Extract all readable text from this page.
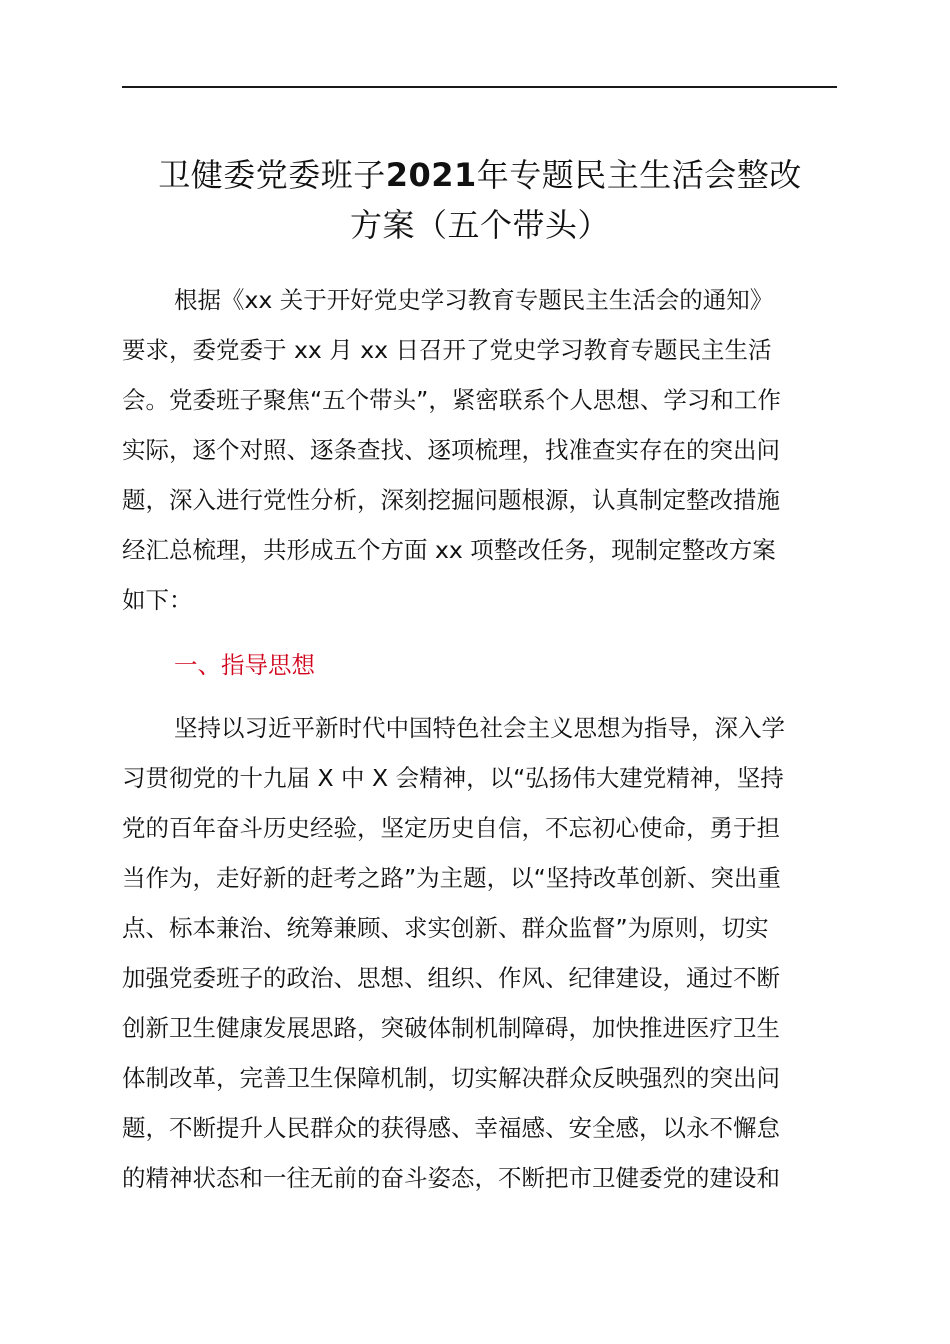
卫健委党委班子2021年专题民主生活会整改
方案（五个带头）

根据《xx 关于开好党史学习教育专题民主生活会的通知》
要求，委党委于 xx 月 xx 日召开了党史学习教育专题民主生活
会。党委班子聚焦“五个带头”，紧密联系个人思想、学习和工作
实际，逐个对照、逐条查找、逐项梳理，找准查实存在的突出问
题，深入进行党性分析，深刻挖掘问题根源，认真制定整改措施
经汇总梳理，共形成五个方面 xx 项整改任务，现制定整改方案
如下：

一、指导思想

坚持以习近平新时代中国特色社会主义思想为指导，深入学
习贯彻党的十九届 X 中 X 会精神，以“弘扬伟大建党精神，坚持
党的百年奋斗历史经验，坚定历史自信，不忘初心使命，勇于担
当作为，走好新的赶考之路”为主题，以“坚持改革创新、突出重
点、标本兼治、统筹兼顾、求实创新、群众监督”为原则，切实
加强党委班子的政治、思想、组织、作风、纪律建设，通过不断
创新卫生健康发展思路，突破体制机制障碍，加快推进医疗卫生
体制改革，完善卫生保障机制，切实解决群众反映强烈的突出问
题，不断提升人民群众的获得感、幸福感、安全感，以永不懈怠
的精神状态和一往无前的奋斗姿态，不断把市卫健委党的建设和
